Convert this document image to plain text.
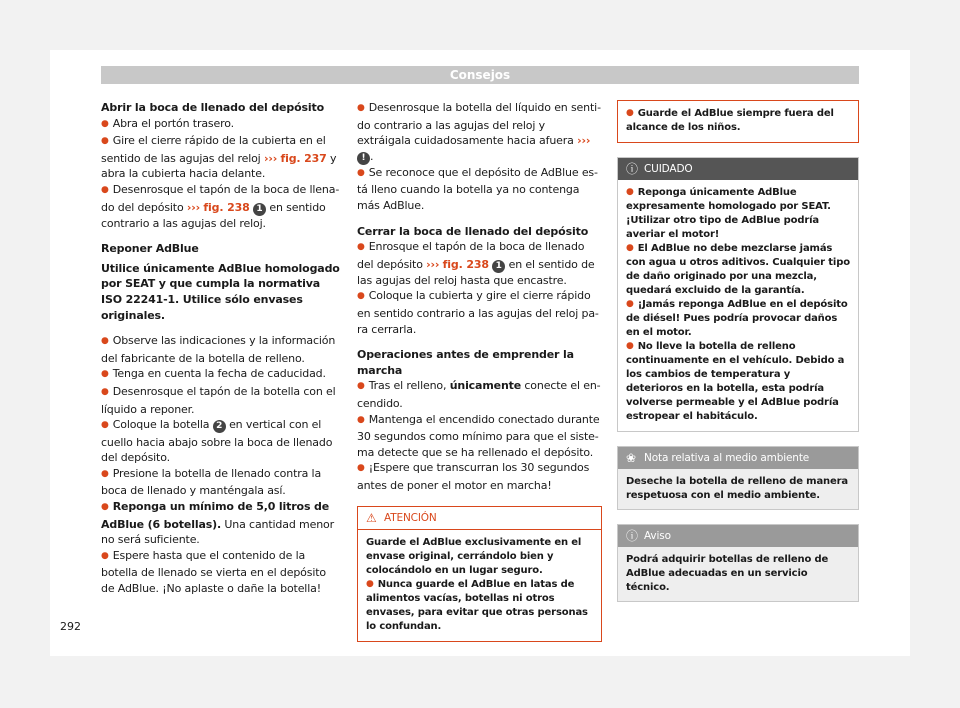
Consejos

Abrir la boca de llenado del depósito

● Abra el portón trasero.

● Gire el cierre rápido de la cubierta en el sentido de las agujas del reloj ››› fig. 237 y abra la cubierta hacia delante.

● Desenrosque el tapón de la boca de llenado del depósito ››› fig. 238 1 en sentido contrario a las agujas del reloj.

Reponer AdBlue

Utilice únicamente AdBlue homologado por SEAT y que cumpla la normativa ISO 22241-1. Utilice sólo envases originales.

● Observe las indicaciones y la información del fabricante de la botella de relleno.

● Tenga en cuenta la fecha de caducidad.

● Desenrosque el tapón de la botella con el líquido a reponer.

● Coloque la botella 2 en vertical con el cuello hacia abajo sobre la boca de llenado del depósito.

● Presione la botella de llenado contra la boca de llenado y manténgala así.

● Reponga un mínimo de 5,0 litros de AdBlue (6 botellas). Una cantidad menor no será suficiente.

● Espere hasta que el contenido de la botella de llenado se vierta en el depósito de AdBlue. ¡No aplaste o dañe la botella!

● Desenrosque la botella del líquido en sentido contrario a las agujas del reloj y extráigala cuidadosamente hacia afuera ››› ! .

● Se reconoce que el depósito de AdBlue está lleno cuando la botella ya no contenga más AdBlue.

Cerrar la boca de llenado del depósito

● Enrosque el tapón de la boca de llenado del depósito ››› fig. 238 1 en el sentido de las agujas del reloj hasta que encastre.

● Coloque la cubierta y gire el cierre rápido en sentido contrario a las agujas del reloj para cerrarla.

Operaciones antes de emprender la marcha

● Tras el relleno, únicamente conecte el encendido.

● Mantenga el encendido conectado durante 30 segundos como mínimo para que el sistema detecte que se ha rellenado el depósito.

● ¡Espere que transcurran los 30 segundos antes de poner el motor en marcha!

⚠ ATENCIÓN

Guarde el AdBlue exclusivamente en el envase original, cerrándolo bien y colocándolo en un lugar seguro.

● Nunca guarde el AdBlue en latas de alimentos vacías, botellas ni otros envases, para evitar que otras personas lo confundan.

● Guarde el AdBlue siempre fuera del alcance de los niños.

ⓘ CUIDADO

● Reponga únicamente AdBlue expresamente homologado por SEAT. ¡Utilizar otro tipo de AdBlue podría averiar el motor!

● El AdBlue no debe mezclarse jamás con agua u otros aditivos. Cualquier tipo de daño originado por una mezcla, quedará excluido de la garantía.

● ¡Jamás reponga AdBlue en el depósito de diésel! Pues podría provocar daños en el motor.

● No lleve la botella de relleno continuamente en el vehículo. Debido a los cambios de temperatura y deterioros en la botella, esta podría volverse permeable y el AdBlue podría estropear el habitáculo.

❀ Nota relativa al medio ambiente
Deseche la botella de relleno de manera respetuosa con el medio ambiente.
ⓘ Aviso
Podrá adquirir botellas de relleno de AdBlue adecuadas en un servicio técnico.
292
